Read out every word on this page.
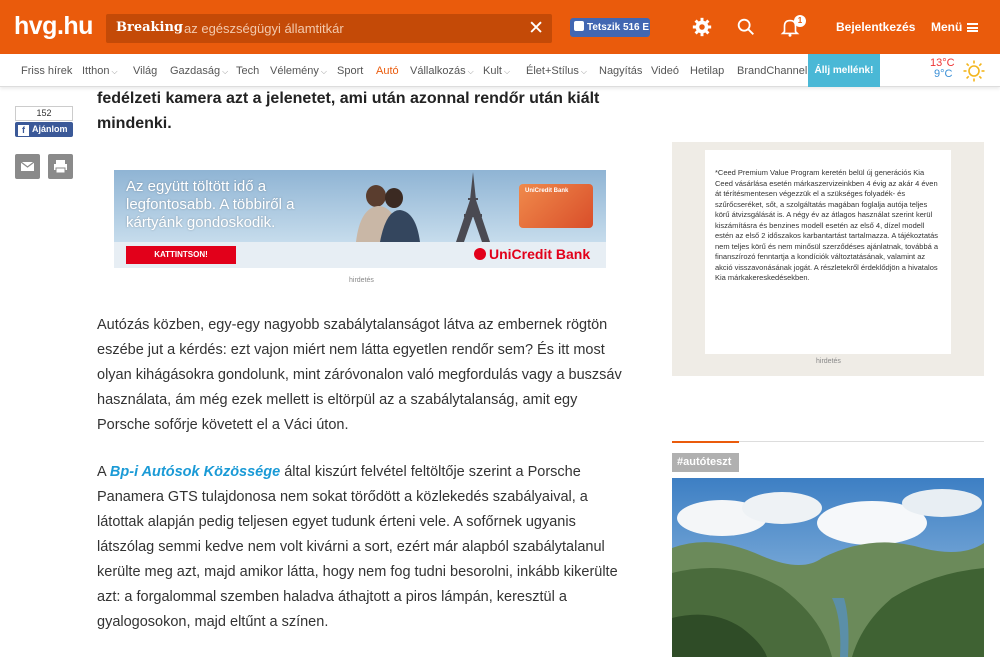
hvg.hu Breaking az egészségügyi államtitkár	✕	Tetszik 516 E
1	Bejelentkezés Menü
Friss hírek Itthon ⌵ Világ Gazdaság ⌵ Tech Vélemény ⌵ Sport Autó Vállalkozás ⌵ Kult ⌵ Élet+Stílus ⌵ Nagyítás Videó Hetilap BrandChannel Állj mellénk!
13°C
9°C
152
f Ajánlom
fedélzeti kamera azt a jelenetet, ami után azonnal rendőr után kiált mindenki.
UniCredit Bank
Az együtt töltött idő a legfontosabb. A többiről a kártyánk gondoskodik.
KATTINTSON!	UniCredit Bank
hirdetés
Autózás közben, egy-egy nagyobb szabálytalanságot látva az embernek rögtön eszébe jut a kérdés: ezt vajon miért nem látta egyetlen rendőr sem? És itt most olyan kihágásokra gondolunk, mint záróvonalon való megfordulás vagy a buszsáv használata, ám még ezek mellett is eltörpül az a szabálytalanság, amit egy Porsche sofőrje követett el a Váci úton.
A Bp-i Autósok Közössége által kiszúrt felvétel feltöltője szerint a Porsche Panamera GTS tulajdonosa nem sokat törődött a közlekedés szabályaival, a látottak alapján pedig teljesen egyet tudunk érteni vele. A sofőrnek ugyanis látszólag semmi kedve nem volt kivárni a sort, ezért már alapból szabálytalanul kerülte meg azt, majd amikor látta, hogy nem fog tudni besorolni, inkább kikerülte azt: a forgalommal szemben haladva áthajtott a piros lámpán, keresztül a gyalogosokon, majd eltűnt a színen.
*Ceed Premium Value Program keretén belül új generációs Kia Ceed vásárlása esetén márkaszervizeinkben 4 évig az akár 4 éven át térítésmentesen végezzük el a szükséges folyadék- és szűrőcseréket, sőt, a szolgáltatás magában foglalja autója teljes körű átvizsgálását is. A négy év az átlagos használat szerint kerül kiszámításra és benzines modell esetén az első 4, dízel modell estén az első 2 időszakos karbantartást tartalmazza. A tájékoztatás nem teljes körű és nem minősül szerződéses ajánlatnak, továbbá a finanszírozó fenntartja a kondíciók változtatásának, valamint az akció visszavonásának jogát. A részletekről érdeklődjön a hivatalos Kia márkakereskedésekben.
hirdetés
#autóteszt
